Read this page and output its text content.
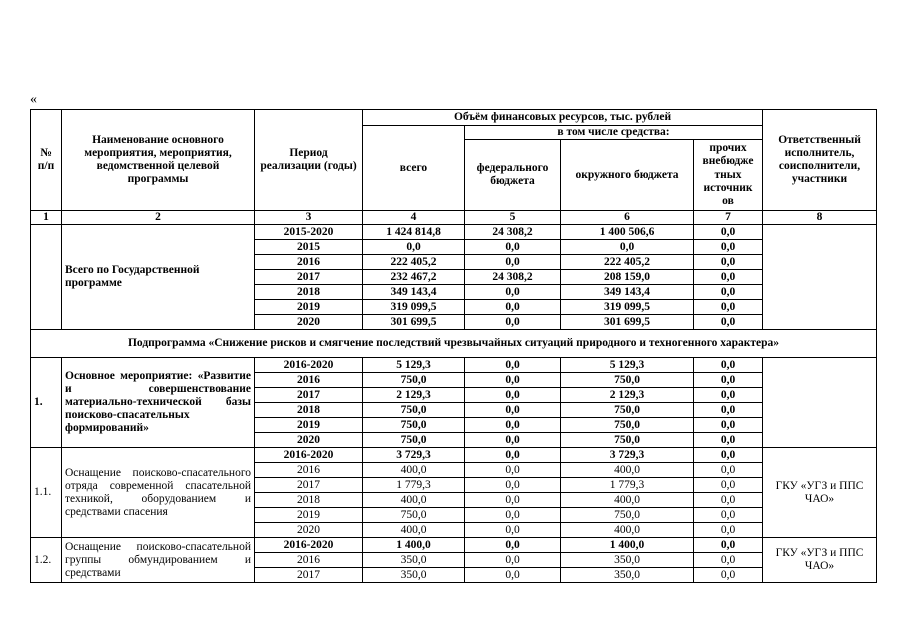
«
№
п/п	Наименование основного мероприятия, мероприятия, ведомственной целевой программы	Период реализации (годы)	Объём финансовых ресурсов, тыс. рублей				Ответственный исполнитель, соисполнители, участники
			всего	в том числе средства:			
				федерального бюджета	окружного бюджета	прочих внебюдже тных источник ов	

1	2	3	4	5	6	7	8
	Всего по Государственной программе	2015-2020	1 424 814,8	24 308,2	1 400 506,6	0,0	
		2015	0,0	0,0	0,0	0,0	
		2016	222 405,2	0,0	222 405,2	0,0	
		2017	232 467,2	24 308,2	208 159,0	0,0	
		2018	349 143,4	0,0	349 143,4	0,0	
		2019	319 099,5	0,0	319 099,5	0,0	
		2020	301 699,5	0,0	301 699,5	0,0	
Подпрограмма «Снижение рисков и смягчение последствий чрезвычайных ситуаций природного и техногенного характера»							
1.	Основное мероприятие: «Развитие и совершенствование материально-технической базы поисково-спасательных формирований»	2016-2020	5 129,3	0,0	5 129,3	0,0	
		2016	750,0	0,0	750,0	0,0	
		2017	2 129,3	0,0	2 129,3	0,0	
		2018	750,0	0,0	750,0	0,0	
		2019	750,0	0,0	750,0	0,0	
		2020	750,0	0,0	750,0	0,0	
1.1.	Оснащение поисково-спасательного отряда современной спасательной техникой, оборудованием и средствами спасения	2016-2020	3 729,3	0,0	3 729,3	0,0	ГКУ «УГЗ и ППС ЧАО»
		2016	400,0	0,0	400,0	0,0	
		2017	1 779,3	0,0	1 779,3	0,0	
		2018	400,0	0,0	400,0	0,0	
		2019	750,0	0,0	750,0	0,0	
		2020	400,0	0,0	400,0	0,0	
1.2.	Оснащение поисково-спасательной группы обмундированием и средствами	2016-2020	1 400,0	0,0	1 400,0	0,0	ГКУ «УГЗ и ППС ЧАО»
		2016	350,0	0,0	350,0	0,0	
		2017	350,0	0,0	350,0	0,0	
